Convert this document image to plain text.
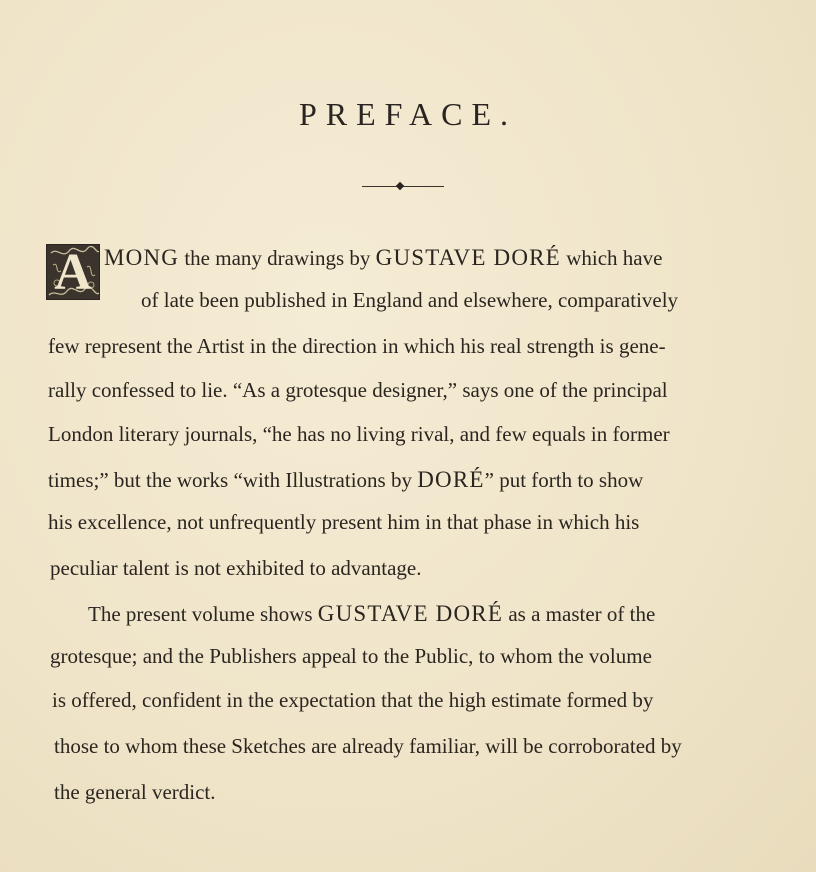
PREFACE.
A MONG the many drawings by GUSTAVE DORÉ which have
of late been published in England and elsewhere, comparatively
few represent the Artist in the direction in which his real strength is gene-
rally confessed to lie. “As a grotesque designer,” says one of the principal
London literary journals, “he has no living rival, and few equals in former
times;” but the works “with Illustrations by DORÉ” put forth to show
his excellence, not unfrequently present him in that phase in which his
peculiar talent is not exhibited to advantage.
The present volume shows GUSTAVE DORÉ as a master of the
grotesque; and the Publishers appeal to the Public, to whom the volume
is offered, confident in the expectation that the high estimate formed by
those to whom these Sketches are already familiar, will be corroborated by
the general verdict.
